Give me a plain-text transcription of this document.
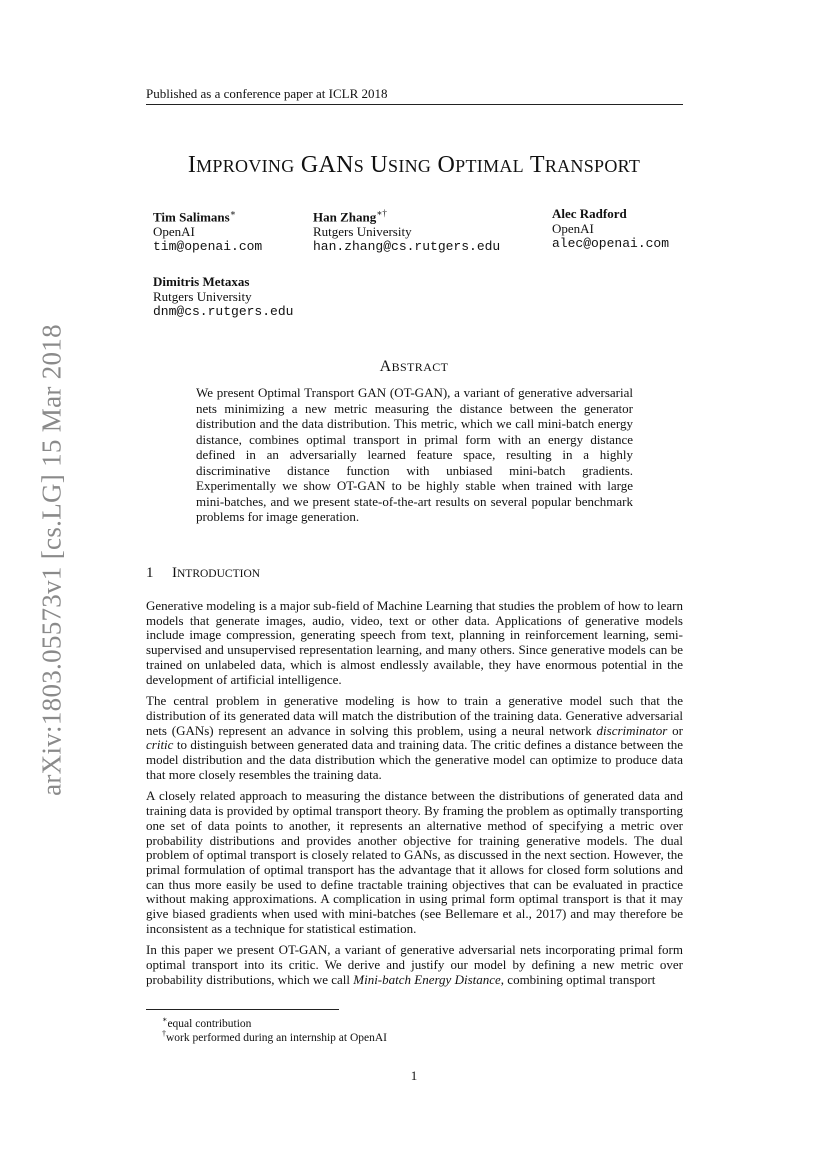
Published as a conference paper at ICLR 2018
arXiv:1803.05573v1 [cs.LG] 15 Mar 2018
IMPROVING GANS USING OPTIMAL TRANSPORT
Tim Salimans∗
OpenAI
tim@openai.com
Han Zhang∗†
Rutgers University
han.zhang@cs.rutgers.edu
Alec Radford
OpenAI
alec@openai.com
Dimitris Metaxas
Rutgers University
dnm@cs.rutgers.edu
ABSTRACT
We present Optimal Transport GAN (OT-GAN), a variant of generative adversarial nets minimizing a new metric measuring the distance between the generator distribution and the data distribution. This metric, which we call mini-batch energy distance, combines optimal transport in primal form with an energy distance defined in an adversarially learned feature space, resulting in a highly discriminative distance function with unbiased mini-batch gradients. Experimentally we show OT-GAN to be highly stable when trained with large mini-batches, and we present state-of-the-art results on several popular benchmark problems for image generation.
1 INTRODUCTION

Generative modeling is a major sub-field of Machine Learning that studies the problem of how to learn models that generate images, audio, video, text or other data. Applications of generative models include image compression, generating speech from text, planning in reinforcement learning, semi-supervised and unsupervised representation learning, and many others. Since generative models can be trained on unlabeled data, which is almost endlessly available, they have enormous potential in the development of artificial intelligence.

The central problem in generative modeling is how to train a generative model such that the distribution of its generated data will match the distribution of the training data. Generative adversarial nets (GANs) represent an advance in solving this problem, using a neural network discriminator or critic to distinguish between generated data and training data. The critic defines a distance between the model distribution and the data distribution which the generative model can optimize to produce data that more closely resembles the training data.

A closely related approach to measuring the distance between the distributions of generated data and training data is provided by optimal transport theory. By framing the problem as optimally transporting one set of data points to another, it represents an alternative method of specifying a metric over probability distributions and provides another objective for training generative models. The dual problem of optimal transport is closely related to GANs, as discussed in the next section. However, the primal formulation of optimal transport has the advantage that it allows for closed form solutions and can thus more easily be used to define tractable training objectives that can be evaluated in practice without making approximations. A complication in using primal form optimal transport is that it may give biased gradients when used with mini-batches (see Bellemare et al., 2017) and may therefore be inconsistent as a technique for statistical estimation.

In this paper we present OT-GAN, a variant of generative adversarial nets incorporating primal form optimal transport into its critic. We derive and justify our model by defining a new metric over probability distributions, which we call Mini-batch Energy Distance, combining optimal transport

∗equal contribution
†work performed during an internship at OpenAI
1
